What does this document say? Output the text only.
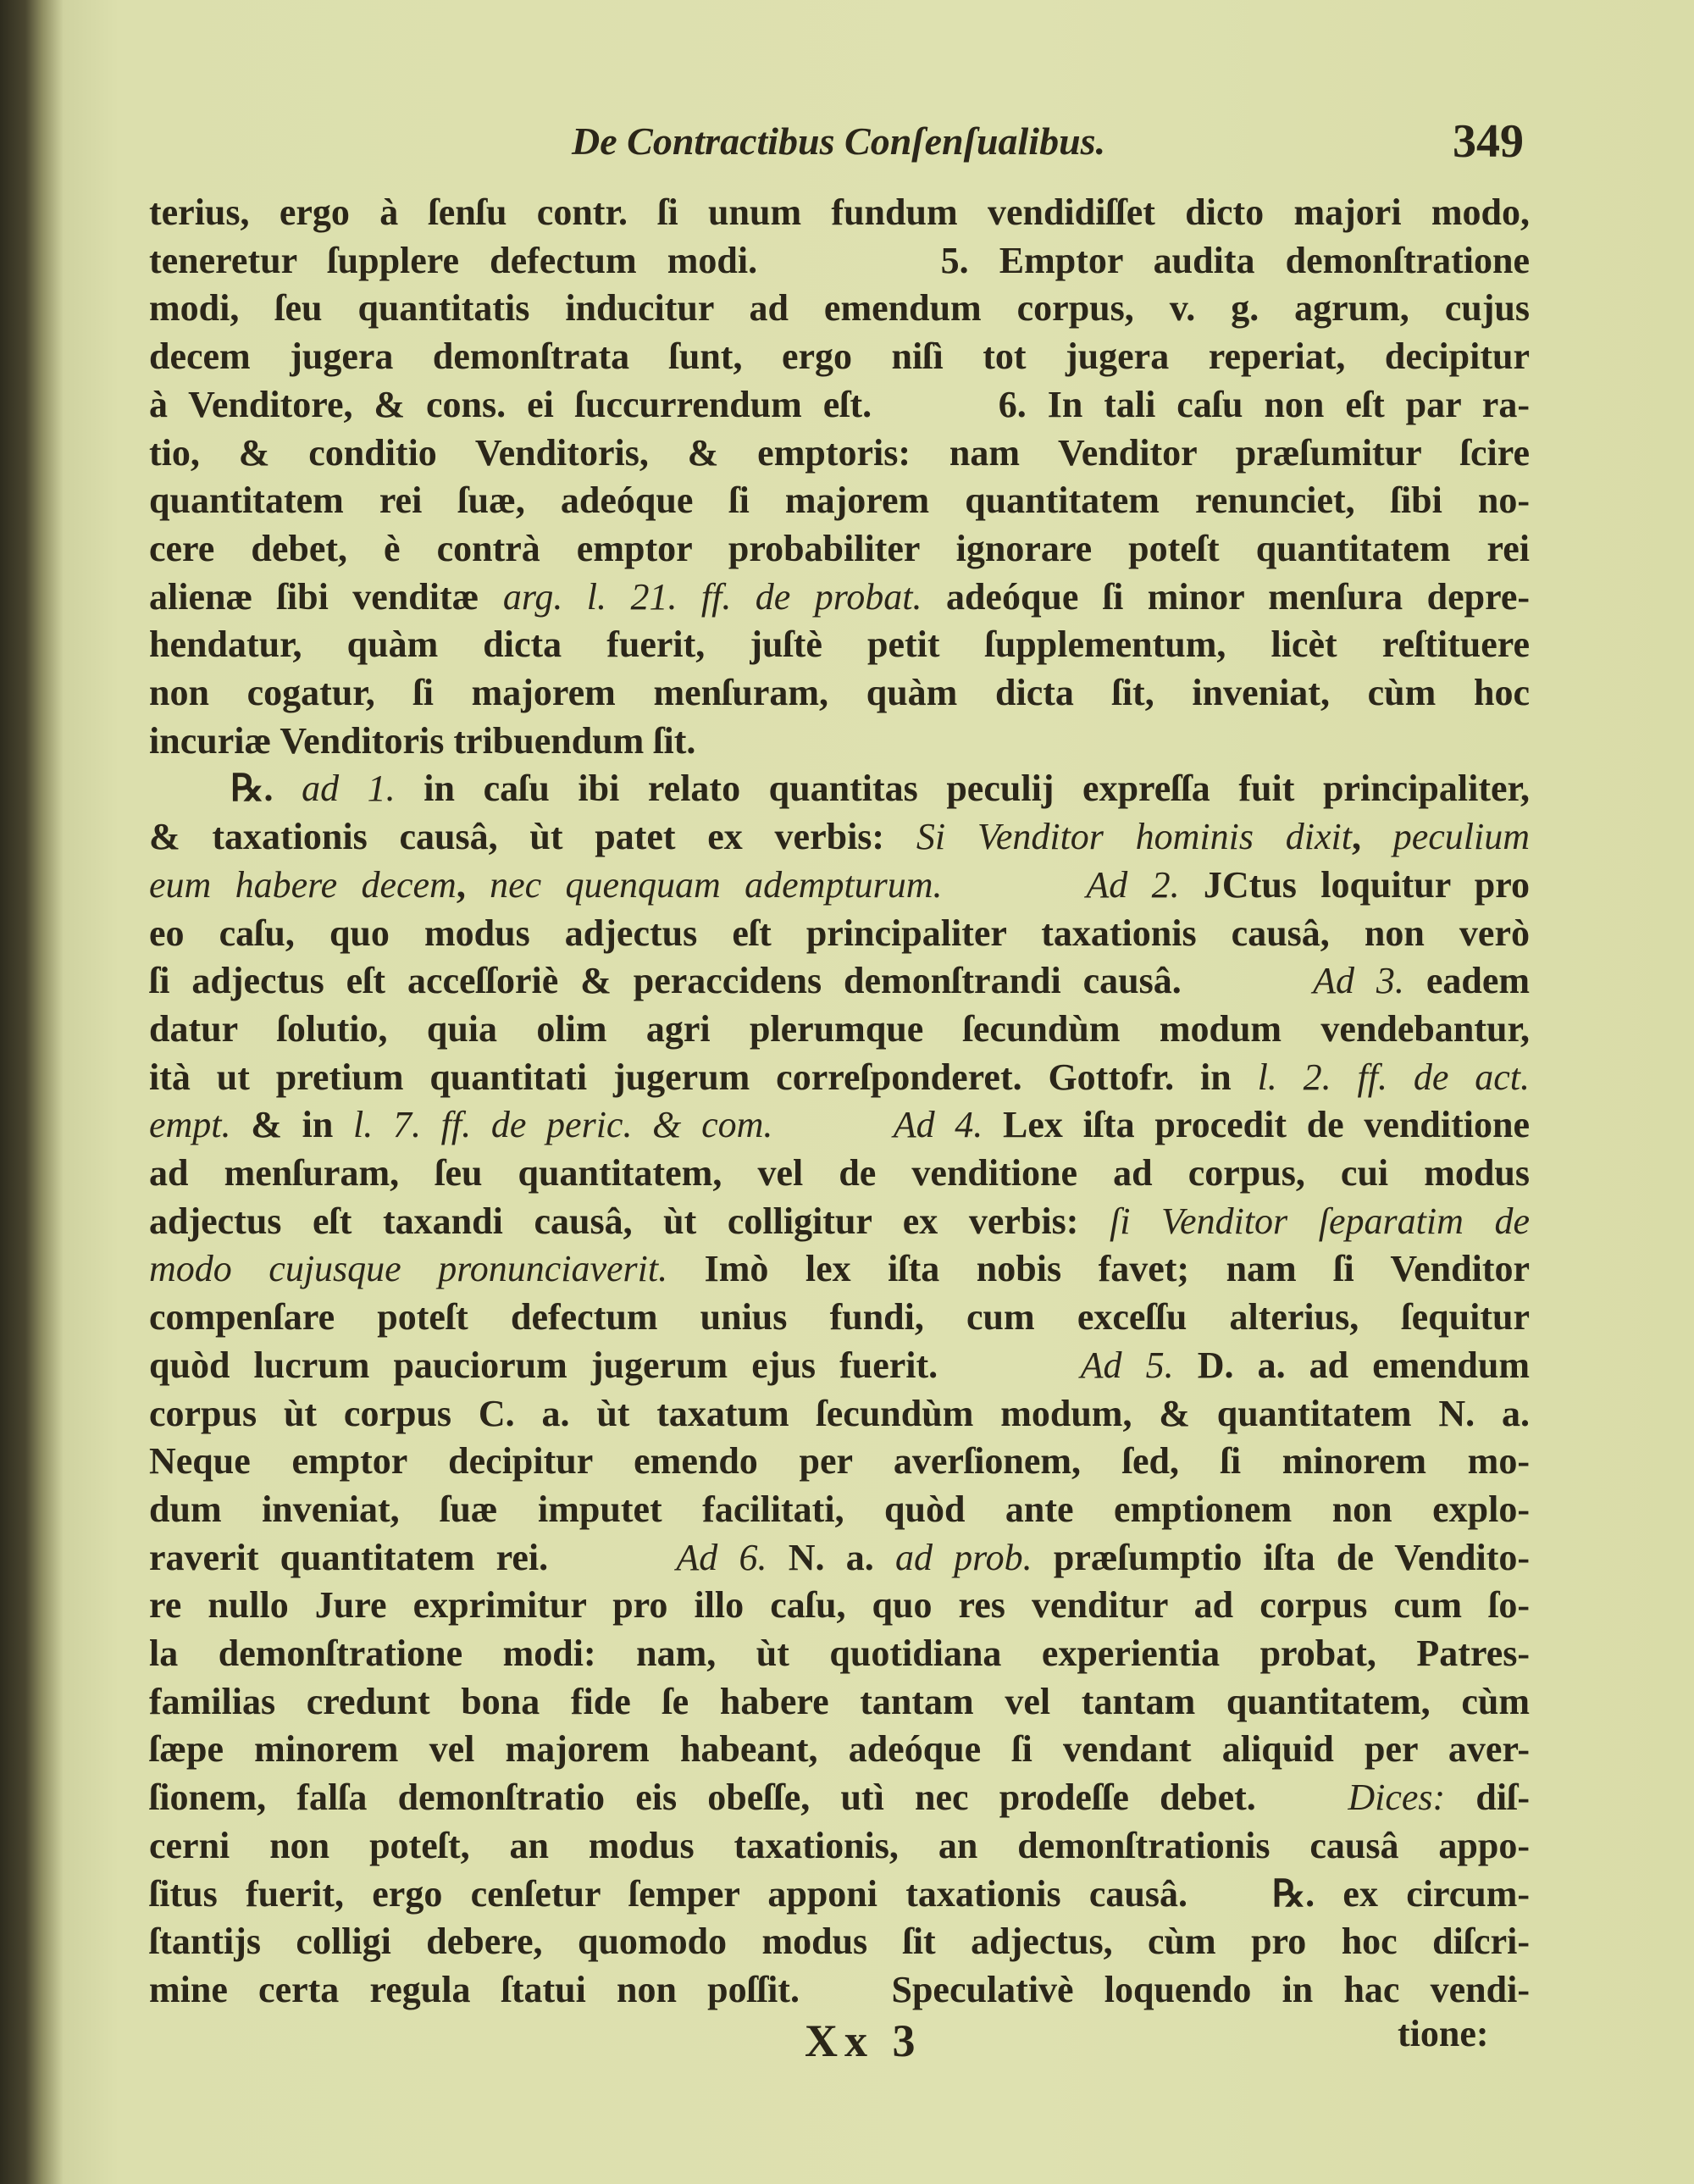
De Contractibus Conſenſualibus.	349
terius, ergo à ſenſu contr. ſi unum fundum vendidiſſet dicto majori modo,
teneretur ſupplere defectum modi.      5. Emptor audita demonſtratione
modi, ſeu quantitatis inducitur ad emendum corpus, v. g. agrum, cujus
decem jugera demonſtrata ſunt, ergo niſì tot jugera reperiat, decipitur
à Venditore, & cons. ei ſuccurrendum eſt.      6. In tali caſu non eſt par ra-
tio, & conditio Venditoris, & emptoris: nam Venditor præſumitur ſcire
quantitatem rei ſuæ, adeóque ſi majorem quantitatem renunciet, ſibi no-
cere debet, è contrà emptor probabiliter ignorare poteſt quantitatem rei
alienæ ſibi venditæ arg. l. 21. ff. de probat. adeóque ſi minor menſura depre-
hendatur, quàm dicta fuerit, juſtè petit ſupplementum, licèt reſtituere
non cogatur, ſi majorem menſuram, quàm dicta ſit, inveniat, cùm hoc
incuriæ Venditoris tribuendum ſit.
℞. ad 1. in caſu ibi relato quantitas peculij expreſſa fuit principaliter,
& taxationis causâ, ùt patet ex verbis: Si Venditor hominis dixit, peculium
eum habere decem, nec quenquam adempturum.	Ad 2. JCtus loquitur pro
eo caſu, quo modus adjectus eſt principaliter taxationis causâ, non verò
ſi adjectus eſt acceſſoriè & peraccidens demonſtrandi causâ.      Ad 3. eadem
datur ſolutio, quia olim agri plerumque ſecundùm modum vendebantur,
ità ut pretium quantitati jugerum correſponderet. Gottofr. in l. 2. ff. de act.
empt. & in l. 7. ff. de peric. & com.	Ad 4. Lex iſta procedit de venditione
ad menſuram, ſeu quantitatem, vel de venditione ad corpus, cui modus
adjectus eſt taxandi causâ, ùt colligitur ex verbis: ſi Venditor ſeparatim de
modo cujusque pronunciaverit. Imò lex iſta nobis favet; nam ſi Venditor
compenſare poteſt defectum unius fundi, cum exceſſu alterius, ſequitur
quòd lucrum pauciorum jugerum ejus fuerit.      Ad 5. D. a. ad emendum
corpus ùt corpus C. a. ùt taxatum ſecundùm modum, & quantitatem N. a.
Neque emptor decipitur emendo per averſionem, ſed, ſi minorem mo-
dum inveniat, ſuæ imputet facilitati, quòd ante emptionem non explo-
raverit quantitatem rei.      Ad 6. N. a. ad prob. præſumptio iſta de Vendito-
re nullo Jure exprimitur pro illo caſu, quo res venditur ad corpus cum ſo-
la demonſtratione modi: nam, ùt quotidiana experientia probat, Patres-
familias credunt bona fide ſe habere tantam vel tantam quantitatem, cùm
ſæpe minorem vel majorem habeant, adeóque ſi vendant aliquid per aver-
ſionem, falſa demonſtratio eis obeſſe, utì nec prodeſſe debet.   Dices: diſ-
cerni non poteſt, an modus taxationis, an demonſtrationis causâ appo-
ſitus fuerit, ergo cenſetur ſemper apponi taxationis causâ.   ℞. ex circum-
ſtantijs colligi debere, quomodo modus ſit adjectus, cùm pro hoc diſcri-
mine certa regula ſtatui non poſſit.   Speculativè loquendo in hac vendi-
Xx 3	tione:
